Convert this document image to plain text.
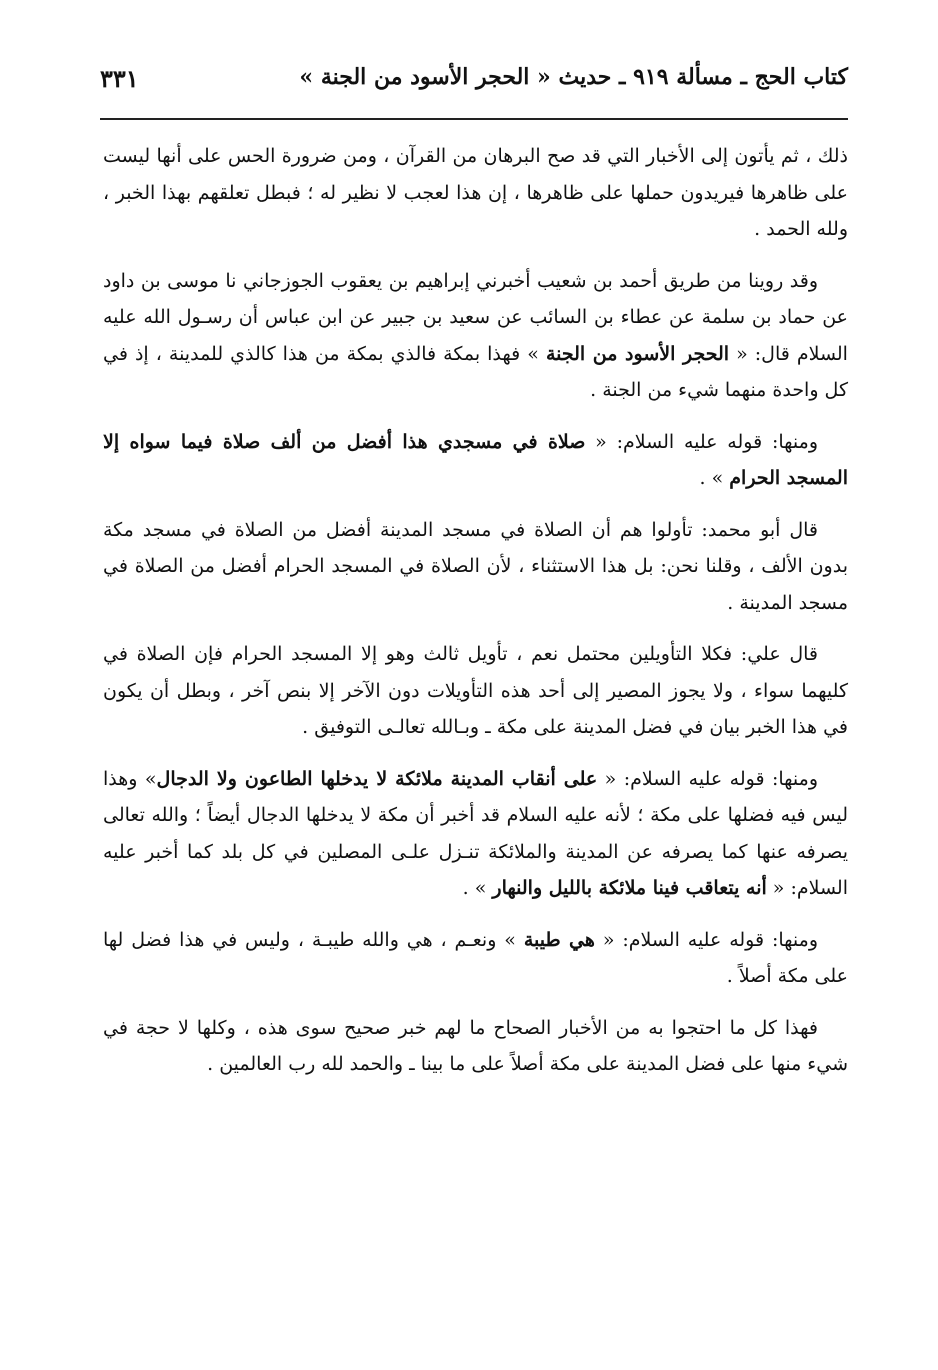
كتاب الحج ـ مسألة ٩١٩ ـ حديث « الحجر الأسود من الجنة »
٣٣١

ذلك ، ثم يأتون إلى الأخبار التي قد صح البرهان من القرآن ، ومن ضرورة الحس على أنها ليست على ظاهرها فيريدون حملها على ظاهرها ، إن هذا لعجب لا نظير له ؛ فبطل تعلقهم بهذا الخبر ، ولله الحمد .

وقد روينا من طريق أحمد بن شعيب أخبرني إبراهيم بن يعقوب الجوزجاني نا موسى بن داود عن حماد بن سلمة عن عطاء بن السائب عن سعيد بن جبير عن ابن عباس أن رسـول الله عليه السلام قال: « الحجر الأسود من الجنة » فهذا بمكة فالذي بمكة من هذا كالذي للمدينة ، إذ في كل واحدة منهما شيء من الجنة .

ومنها: قوله عليه السلام: « صلاة في مسجدي هذا أفضل من ألف صلاة فيما سواه إلا المسجد الحرام » .

قال أبو محمد: تأولوا هم أن الصلاة في مسجد المدينة أفضل من الصلاة في مسجد مكة بدون الألف ، وقلنا نحن: بل هذا الاستثناء ، لأن الصلاة في المسجد الحرام أفضل من الصلاة في مسجد المدينة .

قال علي: فكلا التأويلين محتمل نعم ، تأويل ثالث وهو إلا المسجد الحرام فإن الصلاة في كليهما سواء ، ولا يجوز المصير إلى أحد هذه التأويلات دون الآخر إلا بنص آخر ، وبطل أن يكون في هذا الخبر بيان في فضل المدينة على مكة ـ وبـالله تعالـى التوفيق .

ومنها: قوله عليه السلام: « على أنقاب المدينة ملائكة لا يدخلها الطاعون ولا الدجال» وهذا ليس فيه فضلها على مكة ؛ لأنه عليه السلام قد أخبر أن مكة لا يدخلها الدجال أيضاً ؛ والله تعالى يصرفه عنها كما يصرفه عن المدينة والملائكة تنـزل علـى المصلين في كل بلد كما أخبر عليه السلام: « أنه يتعاقب فينا ملائكة بالليل والنهار » .

ومنها: قوله عليه السلام: « هي طيبة » ونعـم ، هي والله طيبـة ، وليس في هذا فضل لها على مكة أصلاً .

فهذا كل ما احتجوا به من الأخبار الصحاح ما لهم خبر صحيح سوى هذه ، وكلها لا حجة في شيء منها على فضل المدينة على مكة أصلاً على ما بينا ـ والحمد لله رب العالمين .
